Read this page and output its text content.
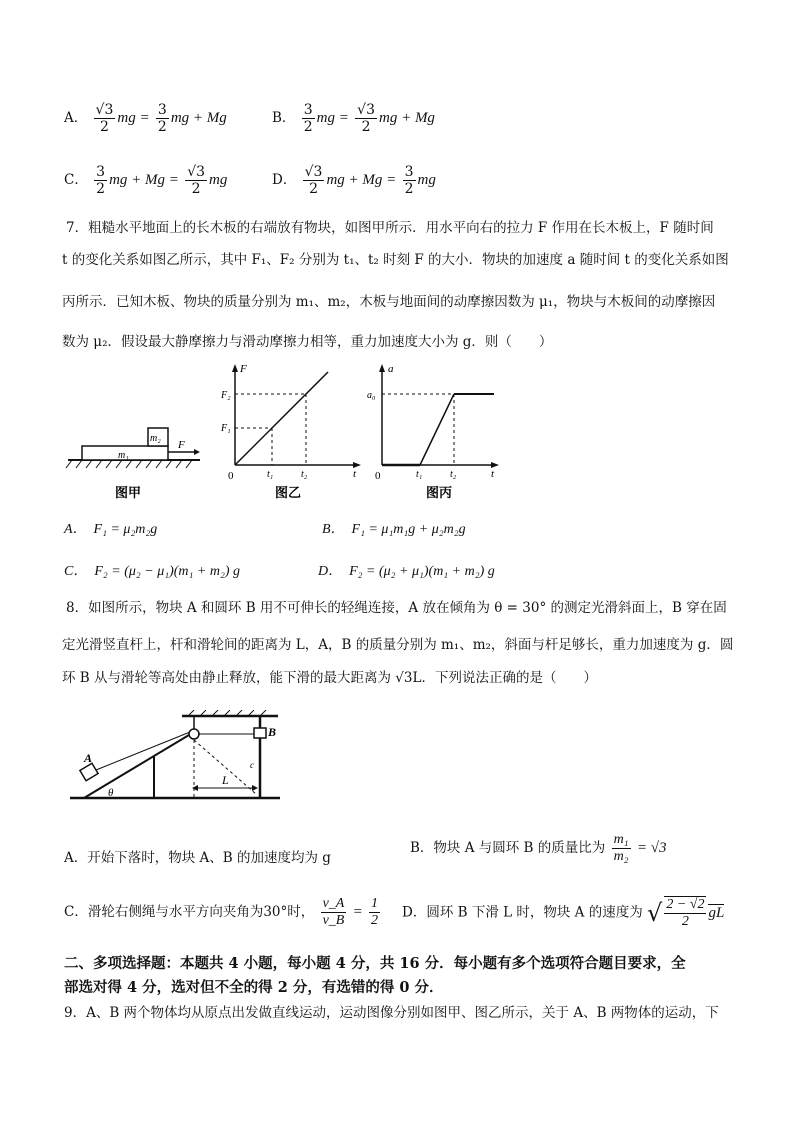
A． $\frac{√3}{2}$ mg = $\frac{3}{2}$ mg + Mg	B． $\frac{3}{2}$ mg = $\frac{√3}{2}$ mg + Mg
C． $\frac{3}{2}$ mg + $Mg = \frac{√3}{2}$ mg	D． $\frac{√3}{2}$ mg + $Mg = \frac{3}{2}$ mg
7．粗糙水平地面上的长木板的右端放有物块，如图甲所示．用水平向右的拉力 F 作用在长木板上，F 随时间
t 的变化关系如图乙所示，其中 F₁、F₂ 分别为 t₁、t₂ 时刻 F 的大小．物块的加速度 a 随时间 t 的变化关系如图
丙所示．已知木板、物块的质量分别为 m₁、m₂，木板与地面间的动摩擦因数为 μ₁，物块与木板间的动摩擦因
数为 μ₂．假设最大静摩擦力与滑动摩擦力相等，重力加速度大小为 g．则（　　）
m₁
m₂
F
图甲
F
F₂
F₁
0	t₁	t₂	t
图乙
a
a₀
0	t₁	t₂	t
图丙
A．　F₁ = μ₂m₂g	B．　F₁ = μ₁m₁g + μ₂m₂g
C．　F₂ = (μ₂ − μ₁)(m₁ + m₂) g	D．　F₂ = (μ₂ + μ₁)(m₁ + m₂) g
8．如图所示，物块 A 和圆环 B 用不可伸长的轻绳连接，A 放在倾角为 θ = 30° 的测定光滑斜面上，B 穿在固
定光滑竖直杆上，杆和滑轮间的距离为 L，A，B 的质量分别为 m₁、m₂，斜面与杆足够长，重力加速度为 g．圆
环 B 从与滑轮等高处由静止释放，能下滑的最大距离为 √3L．下列说法正确的是（　　）
A
B
θ
L
c
A．开始下落时，物块 A、B 的加速度均为 g
B．物块 A 与圆环 B 的质量比为 $\frac{\text{m₁}}{\text{m₂}} = √3$
C．滑轮右侧绳与水平方向夹角为30°时， $\frac{v\_A}{v\_B} = \frac{1}{2}$ D．圆环 B 下滑 L 时，物块 A 的速度为 √ $\frac{2 - √2}{2}$ gL
二、多项选择题：本题共 4 小题，每小题 4 分，共 16 分．每小题有多个选项符合题目要求，全
部选对得 4 分，选对但不全的得 2 分，有选错的得 0 分．
9．A、B 两个物体均从原点出发做直线运动，运动图像分别如图甲、图乙所示，关于 A、B 两物体的运动，下
